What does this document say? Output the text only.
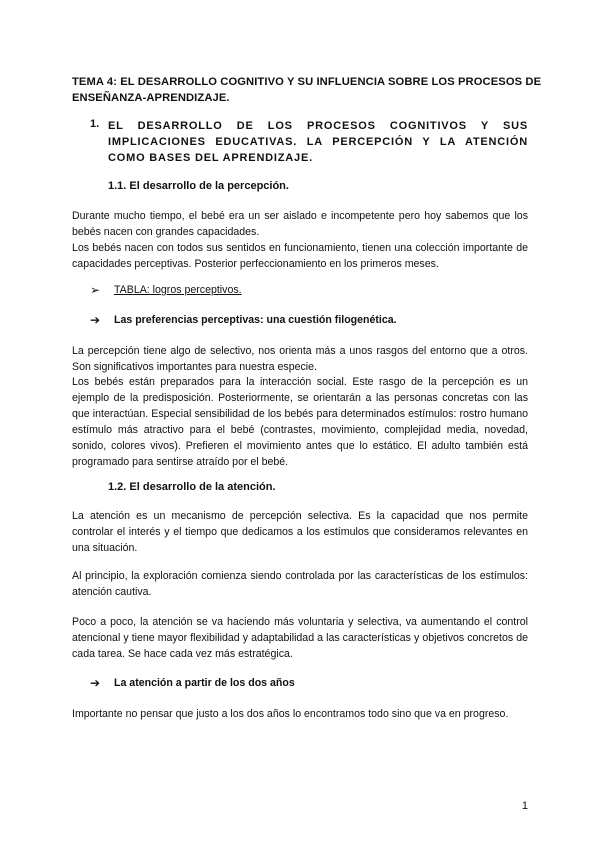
TEMA 4: EL DESARROLLO COGNITIVO Y SU INFLUENCIA SOBRE LOS PROCESOS DE ENSEÑANZA-APRENDIZAJE.
1. EL DESARROLLO DE LOS PROCESOS COGNITIVOS Y SUS IMPLICACIONES EDUCATIVAS. LA PERCEPCIÓN Y LA ATENCIÓN COMO BASES DEL APRENDIZAJE.
1.1. El desarrollo de la percepción.
Durante mucho tiempo, el bebé era un ser aislado e incompetente pero hoy sabemos que los bebés nacen con grandes capacidades.
Los bebés nacen con todos sus sentidos en funcionamiento, tienen una colección importante de capacidades perceptivas. Posterior perfeccionamiento en los primeros meses.
➢	TABLA: logros perceptivos.
➔	Las preferencias perceptivas: una cuestión filogenética.
La percepción tiene algo de selectivo, nos orienta más a unos rasgos del entorno que a otros. Son significativos importantes para nuestra especie.
Los bebés están preparados para la interacción social. Este rasgo de la percepción es un ejemplo de la predisposición. Posteriormente, se orientarán a las personas concretas con las que interactúan. Especial sensibilidad de los bebés para determinados estímulos: rostro humano estímulo más atractivo para el bebé (contrastes, movimiento, complejidad media, novedad, sonido, colores vivos). Prefieren el movimiento antes que lo estático. El adulto también está programado para sentirse atraído por el bebé.
1.2. El desarrollo de la atención.
La atención es un mecanismo de percepción selectiva. Es la capacidad que nos permite controlar el interés y el tiempo que dedicamos a los estímulos que consideramos relevantes en una situación.
Al principio, la exploración comienza siendo controlada por las características de los estímulos: atención cautiva.
Poco a poco, la atención se va haciendo más voluntaria y selectiva, va aumentando el control atencional y tiene mayor flexibilidad y adaptabilidad a las características y objetivos concretos de cada tarea. Se hace cada vez más estratégica.
➔	La atención a partir de los dos años
Importante no pensar que justo a los dos años lo encontramos todo sino que va en progreso.
1
